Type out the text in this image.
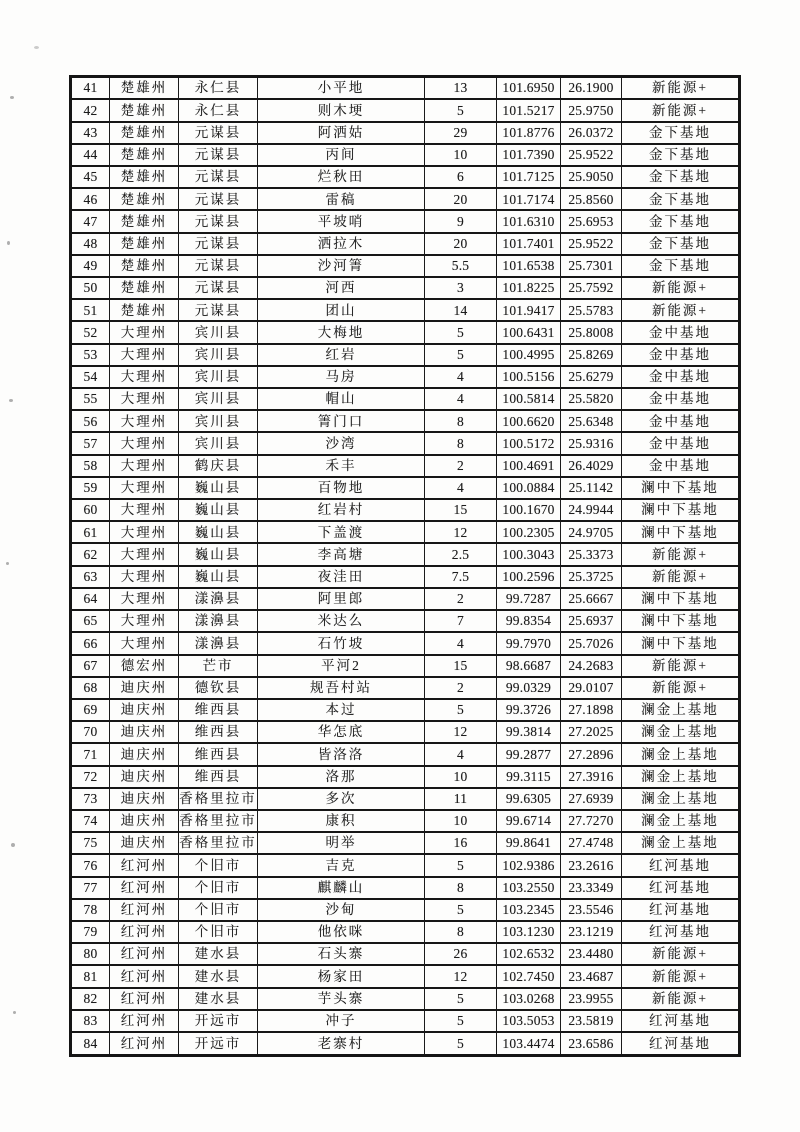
41	楚雄州	永仁县	小平地	13	101.6950	26.1900	新能源+
42	楚雄州	永仁县	则木埂	5	101.5217	25.9750	新能源+
43	楚雄州	元谋县	阿洒姑	29	101.8776	26.0372	金下基地
44	楚雄州	元谋县	丙间	10	101.7390	25.9522	金下基地
45	楚雄州	元谋县	烂秋田	6	101.7125	25.9050	金下基地
46	楚雄州	元谋县	雷稿	20	101.7174	25.8560	金下基地
47	楚雄州	元谋县	平坡哨	9	101.6310	25.6953	金下基地
48	楚雄州	元谋县	洒拉木	20	101.7401	25.9522	金下基地
49	楚雄州	元谋县	沙河箐	5.5	101.6538	25.7301	金下基地
50	楚雄州	元谋县	河西	3	101.8225	25.7592	新能源+
51	楚雄州	元谋县	团山	14	101.9417	25.5783	新能源+
52	大理州	宾川县	大梅地	5	100.6431	25.8008	金中基地
53	大理州	宾川县	红岩	5	100.4995	25.8269	金中基地
54	大理州	宾川县	马房	4	100.5156	25.6279	金中基地
55	大理州	宾川县	帽山	4	100.5814	25.5820	金中基地
56	大理州	宾川县	箐门口	8	100.6620	25.6348	金中基地
57	大理州	宾川县	沙湾	8	100.5172	25.9316	金中基地
58	大理州	鹤庆县	禾丰	2	100.4691	26.4029	金中基地
59	大理州	巍山县	百物地	4	100.0884	25.1142	澜中下基地
60	大理州	巍山县	红岩村	15	100.1670	24.9944	澜中下基地
61	大理州	巍山县	下盖渡	12	100.2305	24.9705	澜中下基地
62	大理州	巍山县	李高塘	2.5	100.3043	25.3373	新能源+
63	大理州	巍山县	夜洼田	7.5	100.2596	25.3725	新能源+
64	大理州	漾濞县	阿里郎	2	99.7287	25.6667	澜中下基地
65	大理州	漾濞县	米达么	7	99.8354	25.6937	澜中下基地
66	大理州	漾濞县	石竹坡	4	99.7970	25.7026	澜中下基地
67	德宏州	芒市	平河2	15	98.6687	24.2683	新能源+
68	迪庆州	德钦县	规吾村站	2	99.0329	29.0107	新能源+
69	迪庆州	维西县	本过	5	99.3726	27.1898	澜金上基地
70	迪庆州	维西县	华怎底	12	99.3814	27.2025	澜金上基地
71	迪庆州	维西县	皆洛洛	4	99.2877	27.2896	澜金上基地
72	迪庆州	维西县	洛那	10	99.3115	27.3916	澜金上基地
73	迪庆州	香格里拉市	多次	11	99.6305	27.6939	澜金上基地
74	迪庆州	香格里拉市	康积	10	99.6714	27.7270	澜金上基地
75	迪庆州	香格里拉市	明举	16	99.8641	27.4748	澜金上基地
76	红河州	个旧市	吉克	5	102.9386	23.2616	红河基地
77	红河州	个旧市	麒麟山	8	103.2550	23.3349	红河基地
78	红河州	个旧市	沙甸	5	103.2345	23.5546	红河基地
79	红河州	个旧市	他依咪	8	103.1230	23.1219	红河基地
80	红河州	建水县	石头寨	26	102.6532	23.4480	新能源+
81	红河州	建水县	杨家田	12	102.7450	23.4687	新能源+
82	红河州	建水县	芋头寨	5	103.0268	23.9955	新能源+
83	红河州	开远市	冲子	5	103.5053	23.5819	红河基地
84	红河州	开远市	老寨村	5	103.4474	23.6586	红河基地
